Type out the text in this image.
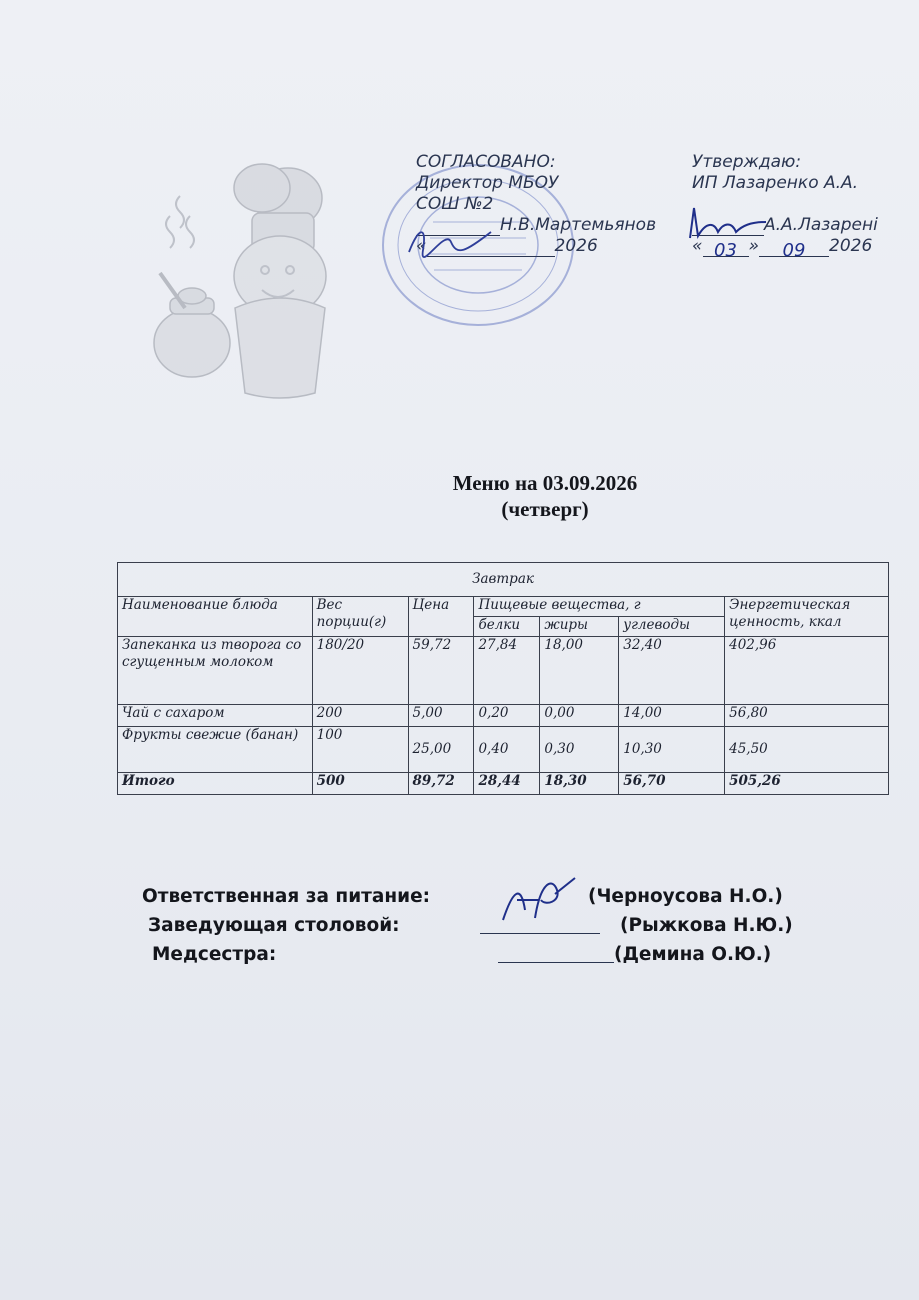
СОГЛАСОВАНО:
Директор МБОУ
СОШ №2
Н.В.Мартемьянов
«	2026
Утверждаю:
ИП Лазаренко А.А.
А.А.Лазарені
« 03 » 09 2026
Меню на 03.09.2026
(четверг)
Завтрак						
Наименование блюда	Вес порции(г)	Цена	Пищевые вещества, г			Энергетическая ценность, ккал
			белки	жиры	углеводы	
Запеканка из творога со сгущенным молоком	180/20	59,72	27,84	18,00	32,40	402,96
Чай с сахаром	200	5,00	0,20	0,00	14,00	56,80
Фрукты свежие (банан)	100	25,00	0,40	0,30	10,30	45,50
Итого	500	89,72	28,44	18,30	56,70	505,26
Ответственная за питание:	(Черноусова Н.О.)
Заведующая столовой:	(Рыжкова Н.Ю.)
Медсестра:	(Демина О.Ю.)
